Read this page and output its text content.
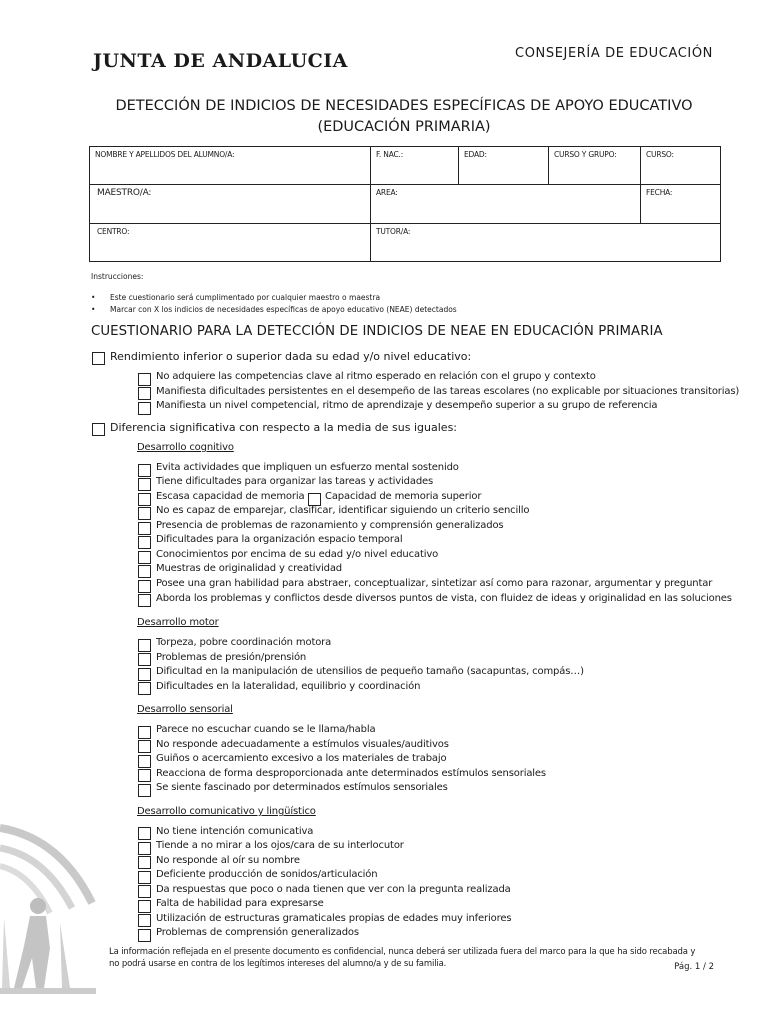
JUNTA DE ANDALUCIA	CONSEJERÍA DE EDUCACIÓN
DETECCIÓN DE INDICIOS DE NECESIDADES ESPECÍFICAS DE APOYO EDUCATIVO
(EDUCACIÓN PRIMARIA)
NOMBRE Y APELLIDOS DEL ALUMNO/A:	F. NAC.:	EDAD:	CURSO Y GRUPO:	CURSO:
MAESTRO/A:	AREA:			FECHA:
CENTRO:	TUTOR/A:			
Instrucciones:
• Este cuestionario será cumplimentado por cualquier maestro o maestra
• Marcar con X los indicios de necesidades específicas de apoyo educativo (NEAE) detectados
CUESTIONARIO PARA LA DETECCIÓN DE INDICIOS DE NEAE EN EDUCACIÓN PRIMARIA
Rendimiento inferior o superior dada su edad y/o nivel educativo:
No adquiere las competencias clave al ritmo esperado en relación con el grupo y contexto
Manifiesta dificultades persistentes en el desempeño de las tareas escolares (no explicable por situaciones transitorias)
Manifiesta un nivel competencial, ritmo de aprendizaje y desempeño superior a su grupo de referencia
Diferencia significativa con respecto a la media de sus iguales:
Desarrollo cognitivo
Evita actividades que impliquen un esfuerzo mental sostenido
Tiene dificultades para organizar las tareas y actividades
Escasa capacidad de memoria Capacidad de memoria superior
No es capaz de emparejar, clasificar, identificar siguiendo un criterio sencillo
Presencia de problemas de razonamiento y comprensión generalizados
Dificultades para la organización espacio temporal
Conocimientos por encima de su edad y/o nivel educativo
Muestras de originalidad y creatividad
Posee una gran habilidad para abstraer, conceptualizar, sintetizar así como para razonar, argumentar y preguntar
Aborda los problemas y conflictos desde diversos puntos de vista, con fluidez de ideas y originalidad en las soluciones
Desarrollo motor
Torpeza, pobre coordinación motora
Problemas de presión/prensión
Dificultad en la manipulación de utensilios de pequeño tamaño (sacapuntas, compás…)
Dificultades en la lateralidad, equilibrio y coordinación
Desarrollo sensorial
Parece no escuchar cuando se le llama/habla
No responde adecuadamente a estímulos visuales/auditivos
Guiños o acercamiento excesivo a los materiales de trabajo
Reacciona de forma desproporcionada ante determinados estímulos sensoriales
Se siente fascinado por determinados estímulos sensoriales
Desarrollo comunicativo y lingüístico
No tiene intención comunicativa
Tiende a no mirar a los ojos/cara de su interlocutor
No responde al oír su nombre
Deficiente producción de sonidos/articulación
Da respuestas que poco o nada tienen que ver con la pregunta realizada
Falta de habilidad para expresarse
Utilización de estructuras gramaticales propias de edades muy inferiores
Problemas de comprensión generalizados
La información reflejada en el presente documento es confidencial, nunca deberá ser utilizada fuera del marco para la que ha sido recabada y
no podrá usarse en contra de los legítimos intereses del alumno/a y de su familia.	Pág. 1 / 2
